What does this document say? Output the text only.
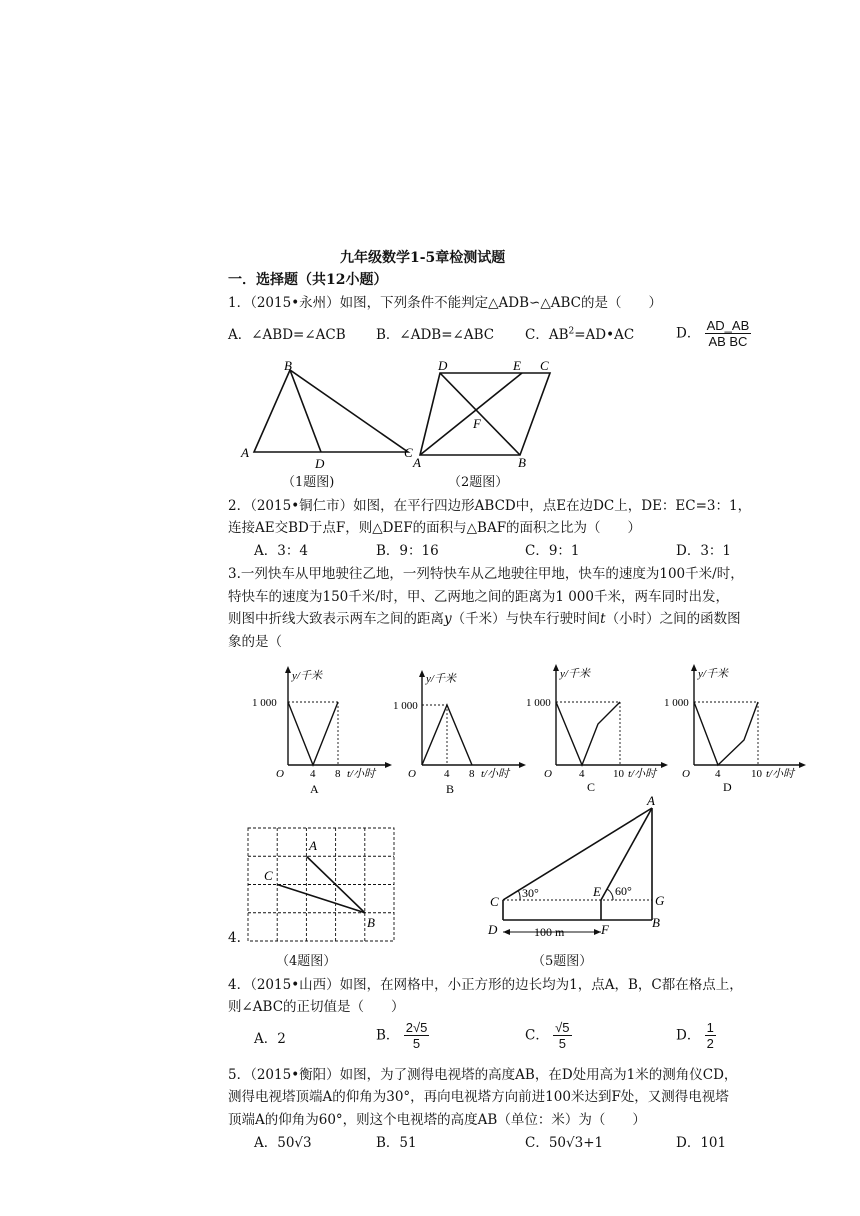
九年级数学1-5章检测试题
一．选择题（共12小题）
1．（2015•永州）如图，下列条件不能判定△ADB∽△ABC的是（　　）
A．∠ABD=∠ACB B．∠ADB=∠ABC C．$AB^2=AD•AC$	D． $\frac{AD\_AB}{\text{AB BC}}$
B
A	C
D
（1题图)
D	E C
F
A	B
（2题图）
2．（2015•铜仁市）如图，在平行四边形ABCD中，点E在边DC上，DE：EC=3：1，
连接AE交BD于点F，则△DEF的面积与△BAF的面积之比为（　　）
A．3：4	B．9：16	C．9：1	D．3：1
3.一列快车从甲地驶往乙地，一列特快车从乙地驶往甲地，快车的速度为100千米/时，
特快车的速度为150千米/时，甲、乙两地之间的距离为1 000千米，两车同时出发，
则图中折线大致表示两车之间的距离y（千米）与快车行驶时间t（小时）之间的函数图
象的是（
y/千米
1 000
O 4 8 t/小时
A
y/千米
1 000
O	4 8 t/小时
B
y/千米
1 000
O 4	10 t/小时
C
y/千米
1 000
O 4	10 t/小时
D
4.
A
C
B
（4题图）
A
C
E
G
D	F	B
30°	60°
100 m
（5题图）
4．（2015•山西）如图，在网格中，小正方形的边长均为1，点A，B，C都在格点上，
则∠ABC的正切值是（　　）
A．2	B． $\frac{2√5}{5}$	C． $\frac{√5}{5}$	D． $\frac{1}{2}$
5．（2015•衡阳）如图，为了测得电视塔的高度AB，在D处用高为1米的测角仪CD，
测得电视塔顶端A的仰角为30°，再向电视塔方向前进100米达到F处，又测得电视塔
顶端A的仰角为60°，则这个电视塔的高度AB（单位：米）为（　　）
A．50√3	B．51	C．50√3+1	D．101
